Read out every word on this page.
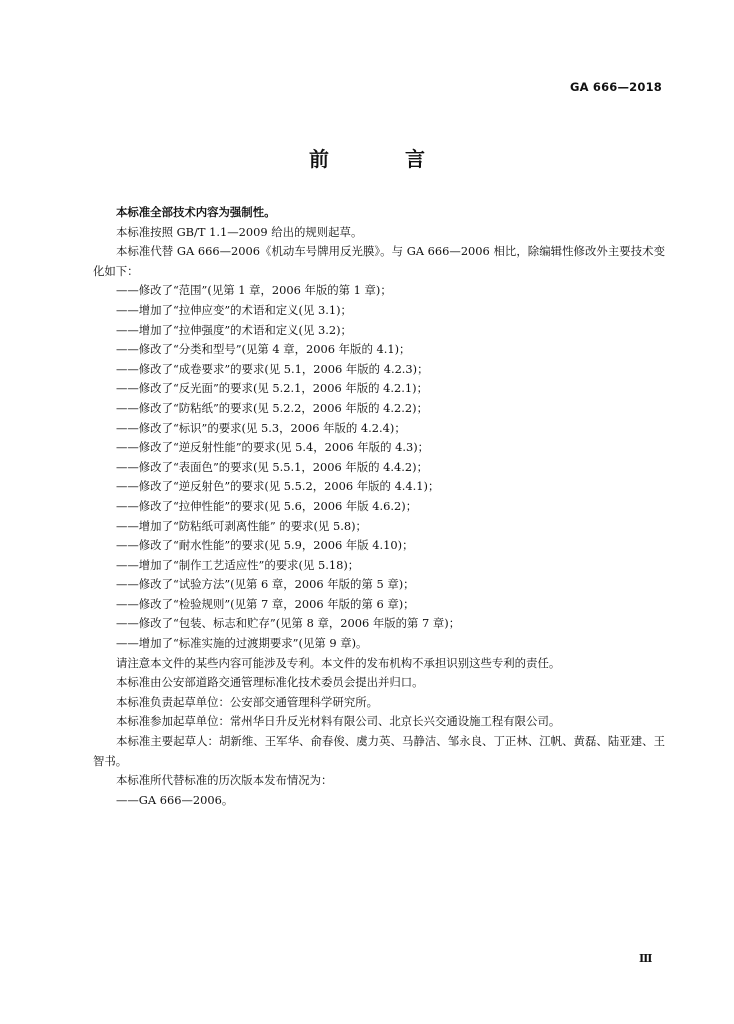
GA 666—2018
前　言

本标准全部技术内容为强制性。

本标准按照 GB/T 1.1—2009 给出的规则起草。

本标准代替 GA 666—2006《机动车号牌用反光膜》。与 GA 666—2006 相比，除编辑性修改外主要技术变化如下：

——修改了“范围”(见第 1 章，2006 年版的第 1 章)；
——增加了“拉伸应变”的术语和定义(见 3.1)；
——增加了“拉伸强度”的术语和定义(见 3.2)；
——修改了“分类和型号”(见第 4 章，2006 年版的 4.1)；
——修改了“成卷要求”的要求(见 5.1，2006 年版的 4.2.3)；
——修改了“反光面”的要求(见 5.2.1，2006 年版的 4.2.1)；
——修改了“防粘纸”的要求(见 5.2.2，2006 年版的 4.2.2)；
——修改了“标识”的要求(见 5.3，2006 年版的 4.2.4)；
——修改了“逆反射性能”的要求(见 5.4，2006 年版的 4.3)；
——修改了“表面色”的要求(见 5.5.1，2006 年版的 4.4.2)；
——修改了“逆反射色”的要求(见 5.5.2，2006 年版的 4.4.1)；
——修改了“拉伸性能”的要求(见 5.6，2006 年版 4.6.2)；
——增加了“防粘纸可剥离性能” 的要求(见 5.8)；
——修改了“耐水性能”的要求(见 5.9，2006 年版 4.10)；
——增加了“制作工艺适应性”的要求(见 5.18)；
——修改了“试验方法”(见第 6 章，2006 年版的第 5 章)；
——修改了“检验规则”(见第 7 章，2006 年版的第 6 章)；
——修改了“包装、标志和贮存”(见第 8 章，2006 年版的第 7 章)；
——增加了“标准实施的过渡期要求”(见第 9 章)。

请注意本文件的某些内容可能涉及专利。本文件的发布机构不承担识别这些专利的责任。

本标准由公安部道路交通管理标准化技术委员会提出并归口。

本标准负责起草单位：公安部交通管理科学研究所。

本标准参加起草单位：常州华日升反光材料有限公司、北京长兴交通设施工程有限公司。

本标准主要起草人：胡新维、王军华、俞春俊、虞力英、马静洁、邹永良、丁正林、江帆、黄磊、陆亚建、王智书。

本标准所代替标准的历次版本发布情况为：

——GA 666—2006。
Ⅲ
